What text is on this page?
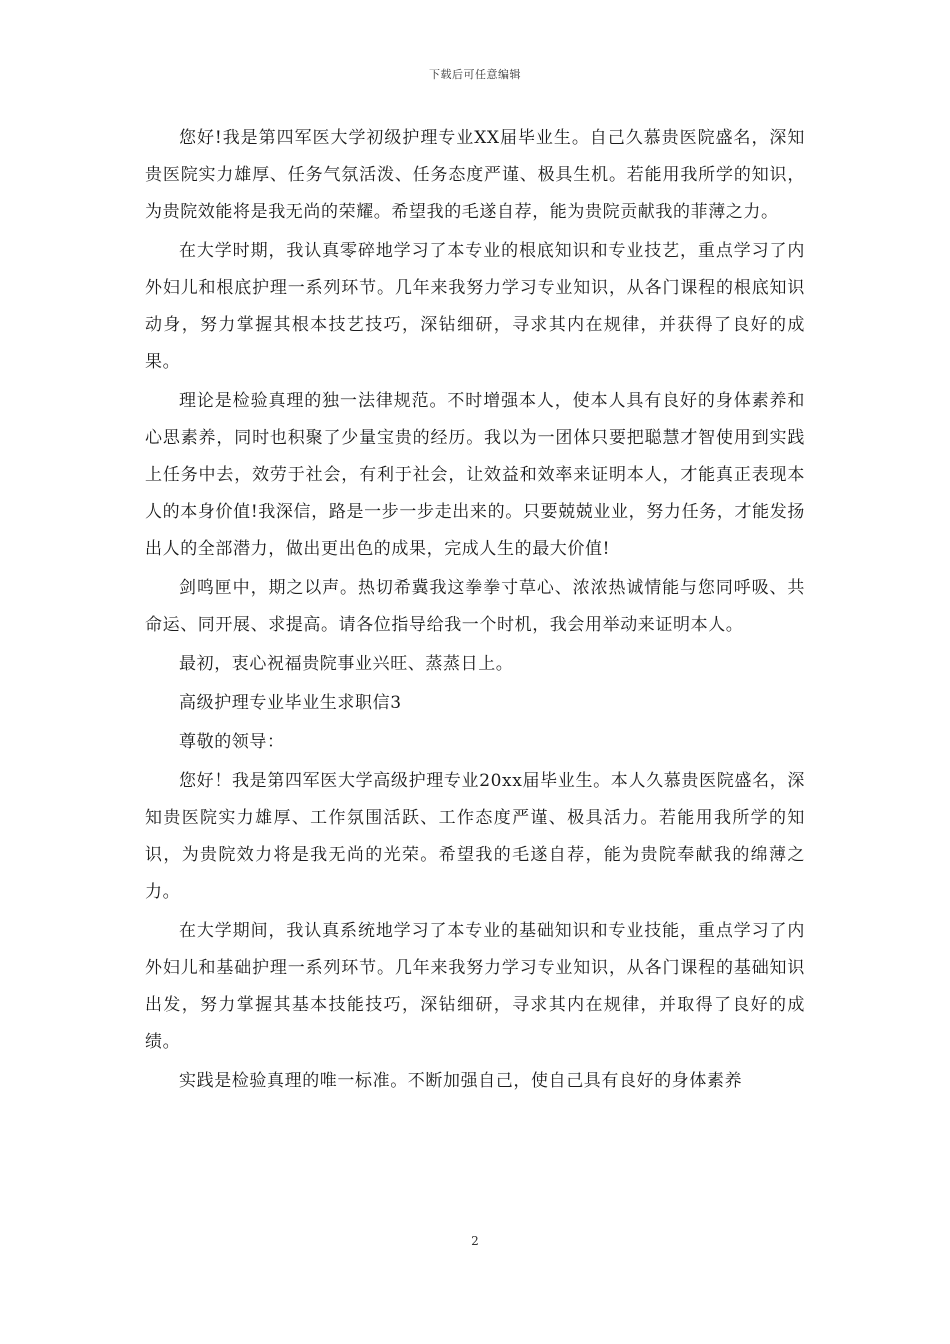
下载后可任意编辑

您好!我是第四军医大学初级护理专业XX届毕业生。自己久慕贵医院盛名，深知贵医院实力雄厚、任务气氛活泼、任务态度严谨、极具生机。若能用我所学的知识，为贵院效能将是我无尚的荣耀。希望我的毛遂自荐，能为贵院贡献我的菲薄之力。

在大学时期，我认真零碎地学习了本专业的根底知识和专业技艺，重点学习了内外妇儿和根底护理一系列环节。几年来我努力学习专业知识，从各门课程的根底知识动身，努力掌握其根本技艺技巧，深钻细研，寻求其内在规律，并获得了良好的成果。

理论是检验真理的独一法律规范。不时增强本人，使本人具有良好的身体素养和心思素养，同时也积聚了少量宝贵的经历。我以为一团体只要把聪慧才智使用到实践上任务中去，效劳于社会，有利于社会，让效益和效率来证明本人，才能真正表现本人的本身价值!我深信，路是一步一步走出来的。只要兢兢业业，努力任务，才能发扬出人的全部潜力，做出更出色的成果，完成人生的最大价值!

剑鸣匣中，期之以声。热切希冀我这拳拳寸草心、浓浓热诚情能与您同呼吸、共命运、同开展、求提高。请各位指导给我一个时机，我会用举动来证明本人。

最初，衷心祝福贵院事业兴旺、蒸蒸日上。

高级护理专业毕业生求职信3

尊敬的领导：

您好！我是第四军医大学高级护理专业20xx届毕业生。本人久慕贵医院盛名，深知贵医院实力雄厚、工作氛围活跃、工作态度严谨、极具活力。若能用我所学的知识，为贵院效力将是我无尚的光荣。希望我的毛遂自荐，能为贵院奉献我的绵薄之力。

在大学期间，我认真系统地学习了本专业的基础知识和专业技能，重点学习了内外妇儿和基础护理一系列环节。几年来我努力学习专业知识，从各门课程的基础知识出发，努力掌握其基本技能技巧，深钻细研，寻求其内在规律，并取得了良好的成绩。

实践是检验真理的唯一标准。不断加强自己，使自己具有良好的身体素养

2
